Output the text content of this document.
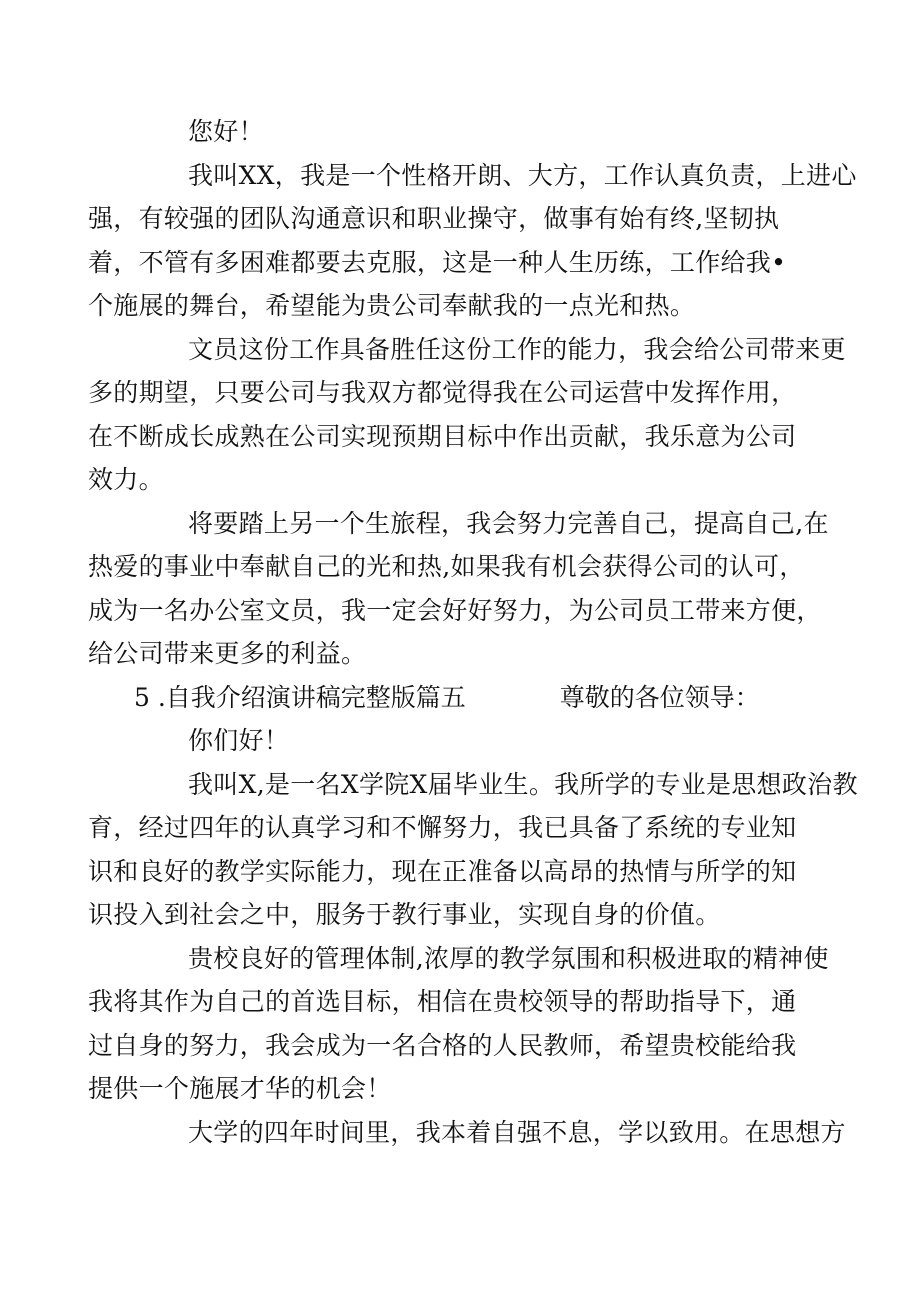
您好！

我叫XX，我是一个性格开朗、大方，工作认真负责，上进心
强，有较强的团队沟通意识和职业操守，做事有始有终,坚韧执
着，不管有多困难都要去克服，这是一种人生历练，工作给我•
个施展的舞台，希望能为贵公司奉献我的一点光和热。

文员这份工作具备胜任这份工作的能力，我会给公司带来更
多的期望，只要公司与我双方都觉得我在公司运营中发挥作用，
在不断成长成熟在公司实现预期目标中作出贡献，我乐意为公司
效力。

将要踏上另一个生旅程，我会努力完善自己，提高自己,在
热爱的事业中奉献自己的光和热,如果我有机会获得公司的认可，
成为一名办公室文员，我一定会好好努力，为公司员工带来方便，
给公司带来更多的利益。

5 .自我介绍演讲稿完整版篇五	尊敬的各位领导：

你们好！

我叫X,是一名X学院X届毕业生。我所学的专业是思想政治教
育，经过四年的认真学习和不懈努力，我已具备了系统的专业知
识和良好的教学实际能力，现在正准备以高昂的热情与所学的知
识投入到社会之中，服务于教行事业，实现自身的价值。

贵校良好的管理体制,浓厚的教学氛围和积极进取的精神使
我将其作为自己的首选目标，相信在贵校领导的帮助指导下，通
过自身的努力，我会成为一名合格的人民教师，希望贵校能给我
提供一个施展才华的机会！

大学的四年时间里，我本着自强不息，学以致用。在思想方
